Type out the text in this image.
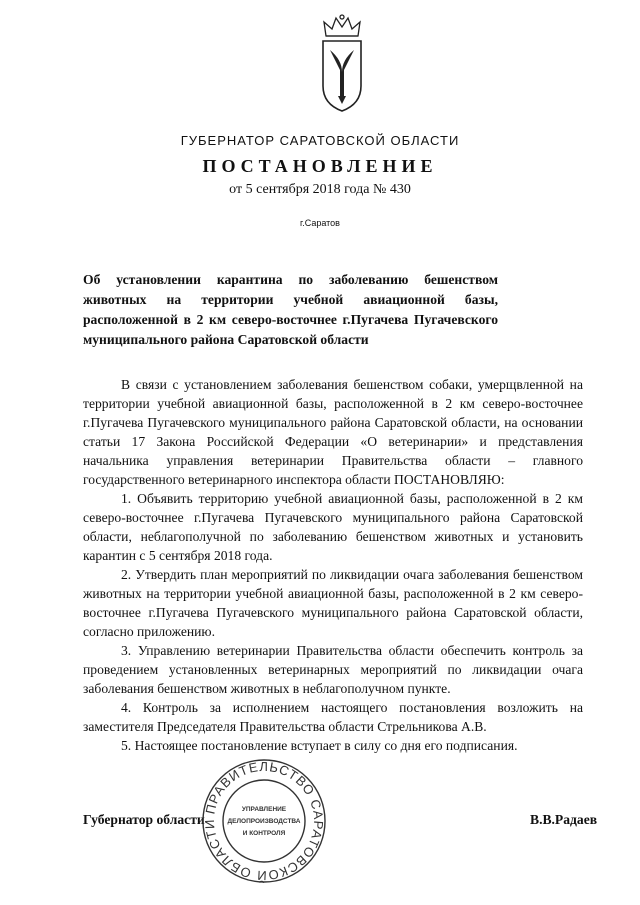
ГУБЕРНАТОР САРАТОВСКОЙ ОБЛАСТИ
ПОСТАНОВЛЕНИЕ
от 5 сентября 2018 года № 430
г.Саратов
Об установлении карантина по заболеванию бешенством животных на территории учебной авиационной базы, расположенной в 2 км северо-восточнее г.Пугачева Пугачевского муниципального района Саратовской области

В связи с установлением заболевания бешенством собаки, умерщвленной на территории учебной авиационной базы, расположенной в 2 км северо-восточнее г.Пугачева Пугачевского муниципального района Саратовской области, на основании статьи 17 Закона Российской Федерации «О ветеринарии» и представления начальника управления ветеринарии Правительства области – главного государственного ветеринарного инспектора области ПОСТАНОВЛЯЮ:

1. Объявить территорию учебной авиационной базы, расположенной в 2 км северо-восточнее г.Пугачева Пугачевского муниципального района Саратовской области, неблагополучной по заболеванию бешенством животных и установить карантин с 5 сентября 2018 года.

2. Утвердить план мероприятий по ликвидации очага заболевания бешенством животных на территории учебной авиационной базы, расположенной в 2 км северо-восточнее г.Пугачева Пугачевского муниципального района Саратовской области, согласно приложению.

3. Управлению ветеринарии Правительства области обеспечить контроль за проведением установленных ветеринарных мероприятий по ликвидации очага заболевания бешенством животных в неблагополучном пункте.

4. Контроль за исполнением настоящего постановления возложить на заместителя Председателя Правительства области Стрельникова А.В.

5. Настоящее постановление вступает в силу со дня его подписания.

Губернатор области	В.В.Радаев
ПРАВИТЕЛЬСТВО САРАТОВСКОЙ ОБЛАСТИ
УПРАВЛЕНИЕ
ДЕЛОПРОИЗВОДСТВА
И КОНТРОЛЯ
